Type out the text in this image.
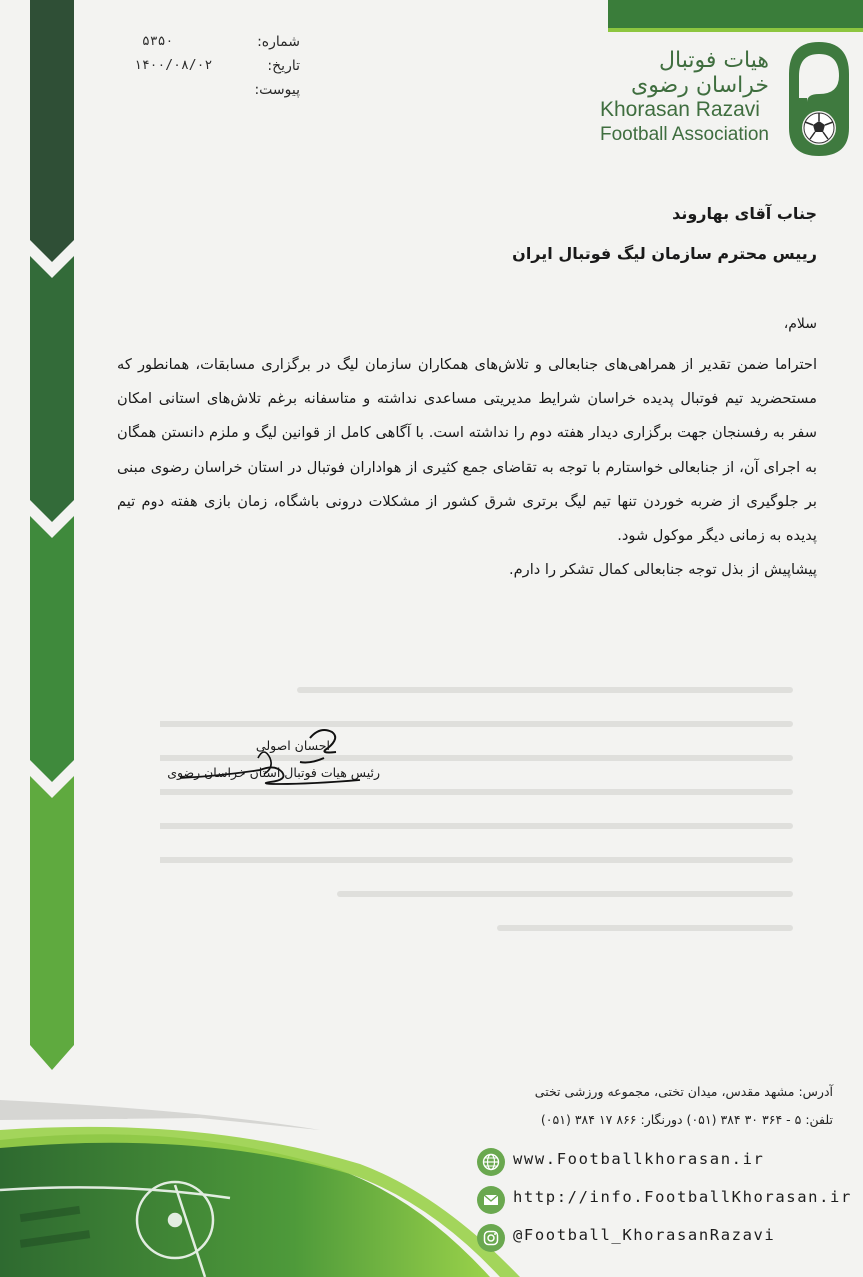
هیات فوتبال
خراسان رضوی
Khorasan Razavi
Football Association
شماره:
۵۳۵۰
تاریخ:
۱۴۰۰/۰۸/۰۲
پیوست:
جناب آقای بهاروند
رییس محترم سازمان لیگ فوتبال ایران
سلام،
احتراما ضمن تقدیر از همراهی‌های جنابعالی و تلاش‌های همکاران سازمان لیگ در برگزاری مسابقات، همانطور که مستحضرید تیم فوتبال پدیده خراسان شرایط مدیریتی مساعدی نداشته و متاسفانه برغم تلاش‌های استانی امکان سفر به رفسنجان جهت برگزاری دیدار هفته دوم را نداشته است. با آگاهی کامل از قوانین لیگ و ملزم دانستن همگان به اجرای آن، از جنابعالی خواستارم با توجه به تقاضای جمع کثیری از هواداران فوتبال در استان خراسان رضوی مبنی بر جلوگیری از ضربه خوردن تنها تیم لیگ برتری شرق کشور از مشکلات درونی باشگاه، زمان بازی هفته دوم تیم پدیده به زمانی دیگر موکول شود.
پیشاپیش از بذل توجه جنابعالی کمال تشکر را دارم.
احسان اصولی
رئیس هیات فوتبال استان خراسان رضوی
آدرس: مشهد مقدس، میدان تختی، مجموعه ورزشی تختی
تلفن: ۵ - ۳۶۴ ۳۰ ۳۸۴ (۰۵۱) دورنگار: ۸۶۶ ۱۷ ۳۸۴ (۰۵۱)
www.Footballkhorasan.ir
http://info.FootballKhorasan.ir
@Football_KhorasanRazavi
